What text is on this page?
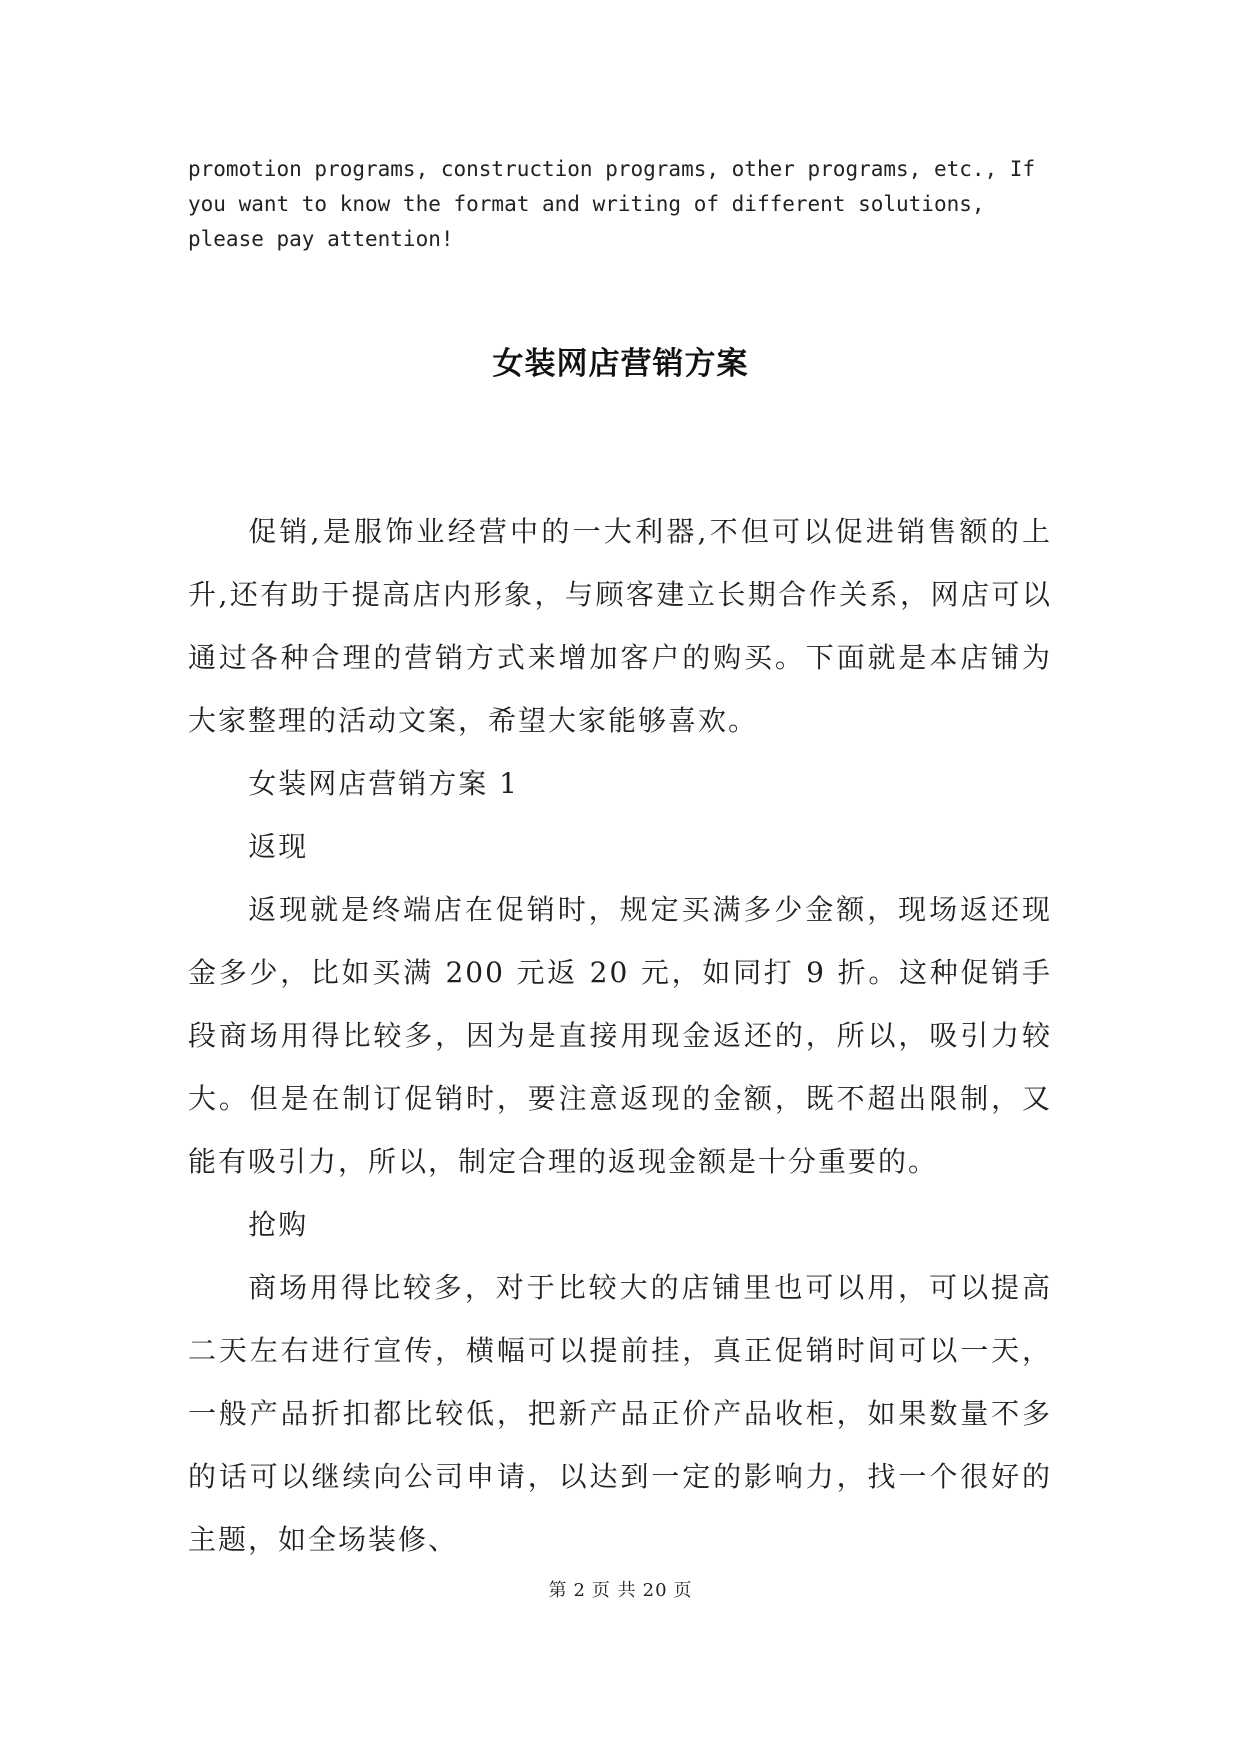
promotion programs, construction programs, other programs, etc., If
you want to know the format and writing of different solutions,
please pay attention!
女装网店营销方案

促销,是服饰业经营中的一大利器,不但可以促进销售额的上升,还有助于提高店内形象，与顾客建立长期合作关系，网店可以通过各种合理的营销方式来增加客户的购买。下面就是本店铺为大家整理的活动文案，希望大家能够喜欢。

女装网店营销方案 1

返现

返现就是终端店在促销时，规定买满多少金额，现场返还现金多少，比如买满 200 元返 20 元，如同打 9 折。这种促销手段商场用得比较多，因为是直接用现金返还的，所以，吸引力较大。但是在制订促销时，要注意返现的金额，既不超出限制，又能有吸引力，所以，制定合理的返现金额是十分重要的。

抢购

商场用得比较多，对于比较大的店铺里也可以用，可以提高二天左右进行宣传，横幅可以提前挂，真正促销时间可以一天，一般产品折扣都比较低，把新产品正价产品收柜，如果数量不多的话可以继续向公司申请，以达到一定的影响力，找一个很好的主题，如全场装修、

第 2 页 共 20 页
